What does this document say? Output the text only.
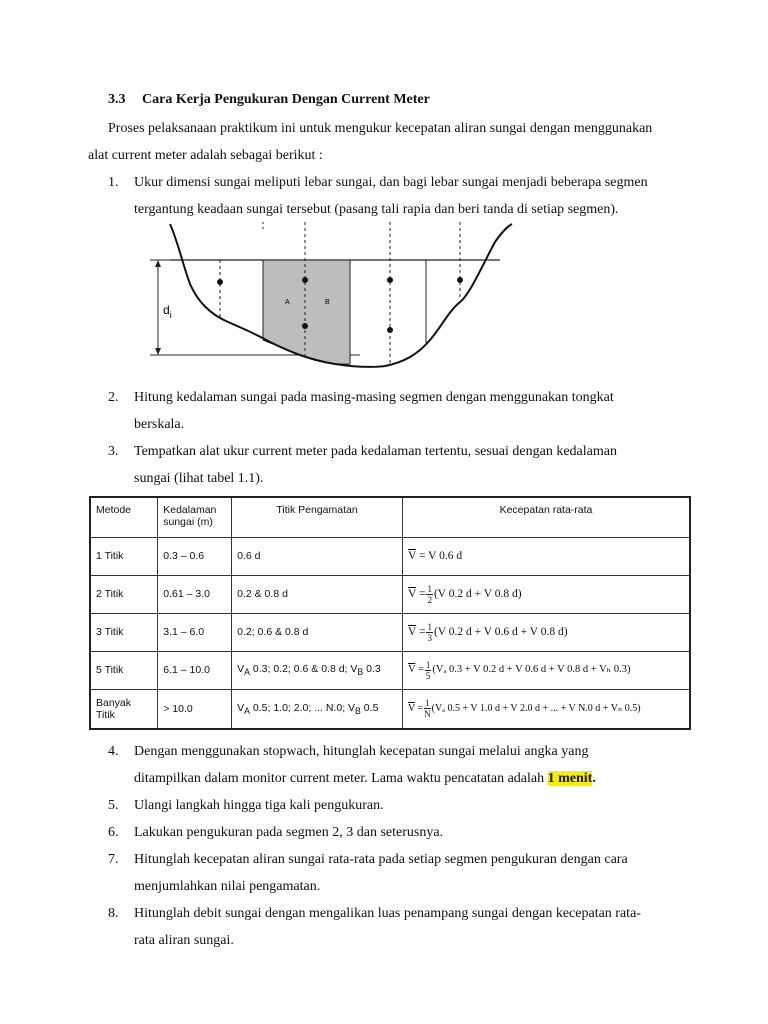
3.3 Cara Kerja Pengukuran Dengan Current Meter
Proses pelaksanaan praktikum ini untuk mengukur kecepatan aliran sungai dengan menggunakan
alat current meter adalah sebagai berikut :
1.	Ukur dimensi sungai meliputi lebar sungai, dan bagi lebar sungai menjadi beberapa segmen
tergantung keadaan sungai tersebut (pasang tali rapia dan beri tanda di setiap segmen).
$d_i$
A	B
2.	Hitung kedalaman sungai pada masing-masing segmen dengan menggunakan tongkat
berskala.
3.	Tempatkan alat ukur current meter pada kedalaman tertentu, sesuai dengan kedalaman
sungai (lihat tabel 1.1).
Metode	Kedalaman
sungai (m)	Titik Pengamatan	Kecepatan rata-rata
1 Titik	0.3 – 0.6	0.6 d	$\overline{V} = V$ 0.6 d
2 Titik	0.61 – 3.0	0.2 & 0.8 d	$\overline{V} = \frac{1}{2} (V$ 0.2 d + V 0.8 d)
3 Titik	3.1 – 6.0	0.2; 0.6 & 0.8 d	$\overline{V} = \frac{1}{3} (V$ 0.2 d + V 0.6 d + V 0.8 d)
5 Titik	6.1 – 10.0	$V_A$ 0.3; 0.2; 0.6 & 0.8 d; $V_B$ 0.3	$\overline{V} = \frac{1}{5} (V_a$ 0.3 + V 0.2 d + V 0.6 d + V 0.8 d + Vₕ 0.3)
Banyak
Titik	> 10.0	$V_A$ 0.5; 1.0; 2.0; ... N.0; $V_B$ 0.5	$\overline{V} = \frac{1}{N} (V_a$ 0.5 + V 1.0 d + V 2.0 d + ... + V N.0 d + Vₙ 0.5)
4.	Dengan menggunakan stopwach, hitunglah kecepatan sungai melalui angka yang
ditampilkan dalam monitor current meter. Lama waktu pencatatan adalah 1 menit.
5.	Ulangi langkah hingga tiga kali pengukuran.
6.	Lakukan pengukuran pada segmen 2, 3 dan seterusnya.
7.	Hitunglah kecepatan aliran sungai rata-rata pada setiap segmen pengukuran dengan cara
menjumlahkan nilai pengamatan.
8.	Hitunglah debit sungai dengan mengalikan luas penampang sungai dengan kecepatan rata-
rata aliran sungai.
